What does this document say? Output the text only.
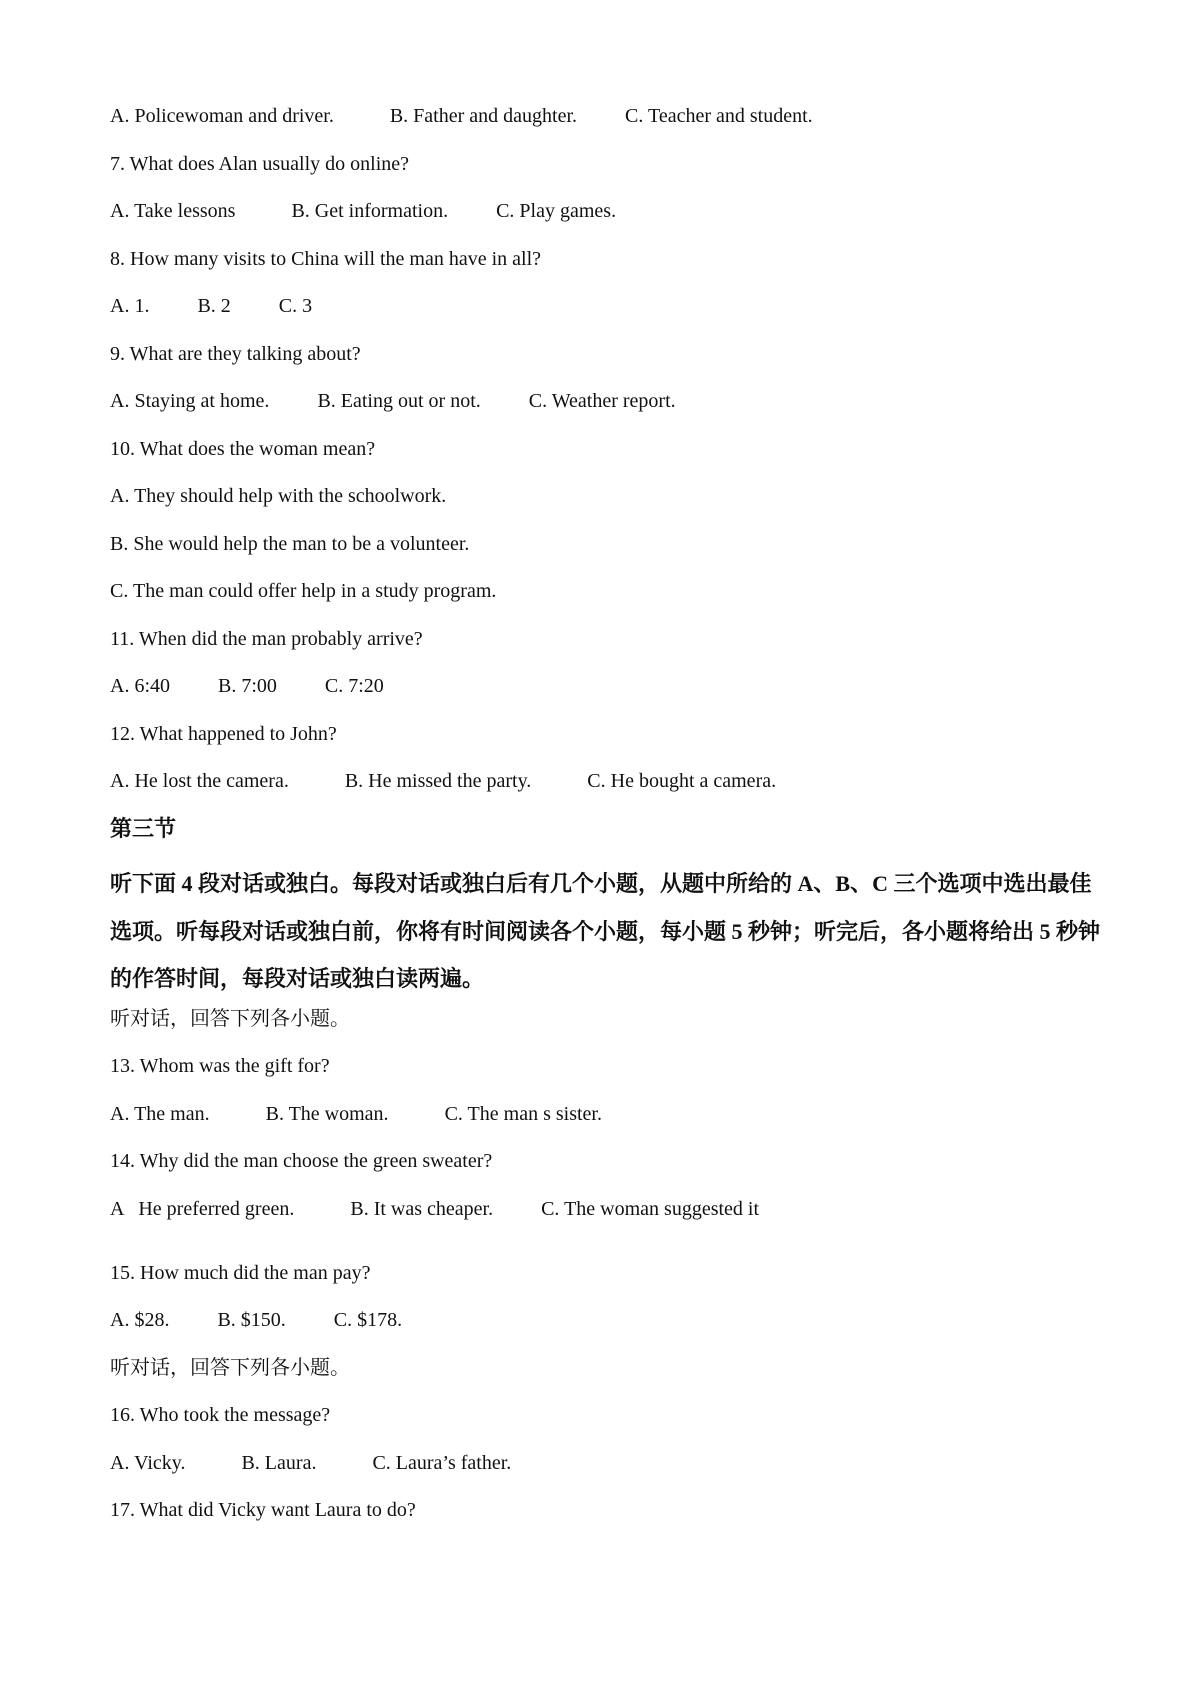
A. Policewoman and driver.	B. Father and daughter. C. Teacher and student.
7. What does Alan usually do online?
A. Take lessons	B. Get information. C. Play games.
8. How many visits to China will the man have in all?
A. 1. B. 2 C. 3
9. What are they talking about?
A. Staying at home. B. Eating out or not. C. Weather report.
10. What does the woman mean?
A. They should help with the schoolwork.
B. She would help the man to be a volunteer.
C. The man could offer help in a study program.
11. When did the man probably arrive?
A. 6:40 B. 7:00 C. 7:20
12. What happened to John?
A. He lost the camera.	B. He missed the party.	C. He bought a camera.
第三节
听下面 4 段对话或独白。每段对话或独白后有几个小题，从题中所给的 A、B、C 三个选项中选出最佳选项。听每段对话或独白前，你将有时间阅读各个小题，每小题 5 秒钟；听完后，各小题将给出 5 秒钟的作答时间，每段对话或独白读两遍。
听对话，回答下列各小题。
13. Whom was the gift for?
A. The man.	B. The woman.	C. The man s sister.
14. Why did the man choose the green sweater?
A   He preferred green.	B. It was cheaper. C. The woman suggested it
15. How much did the man pay?
A. $28. B. $150. C. $178.
听对话，回答下列各小题。
16. Who took the message?
A. Vicky.	B. Laura.	C. Laura’s father.
17. What did Vicky want Laura to do?
